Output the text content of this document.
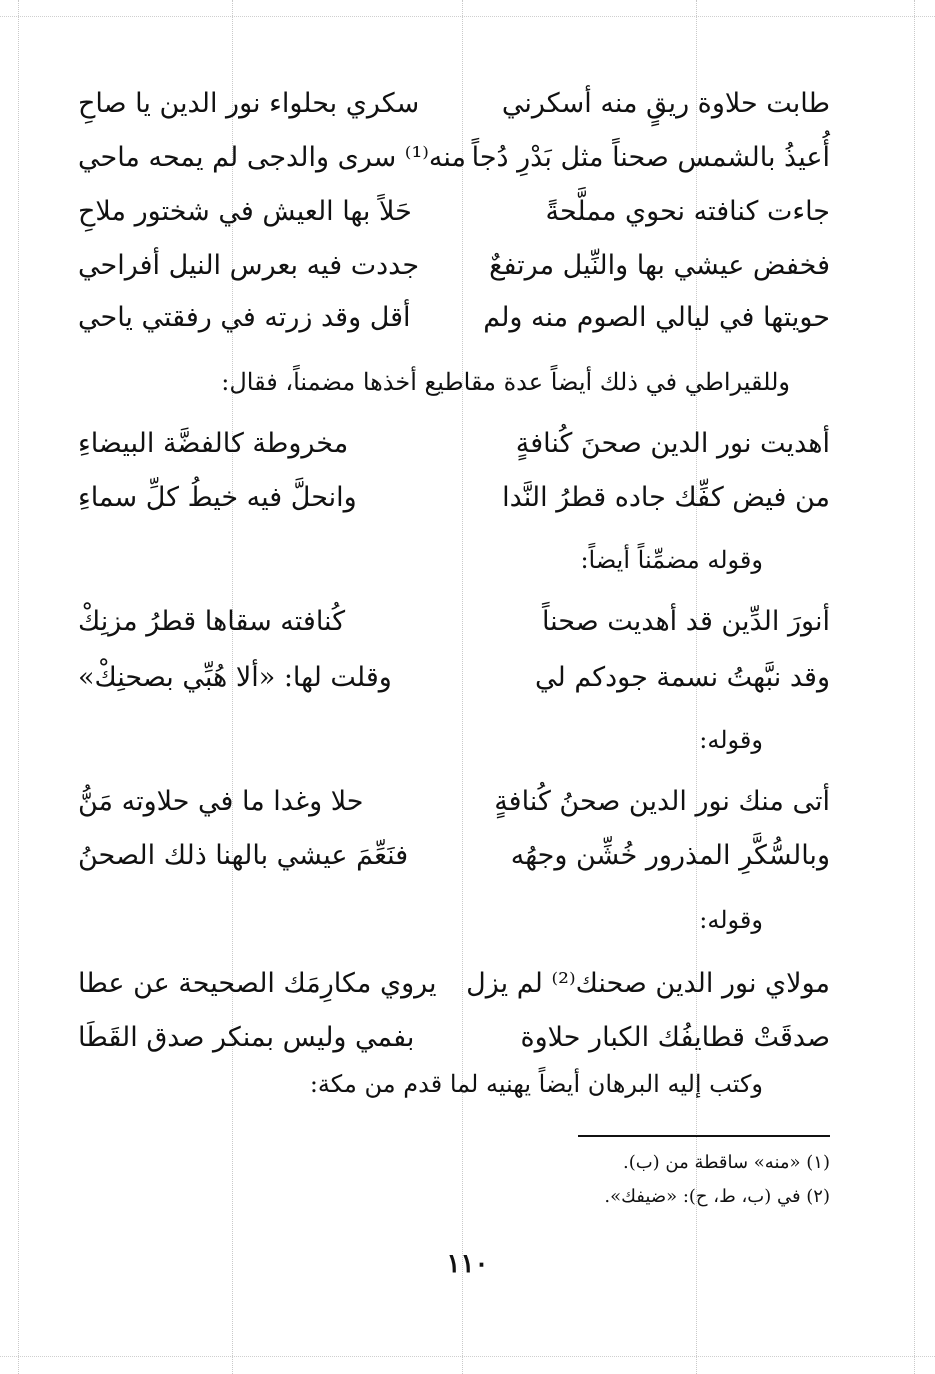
طابت حلاوة ريقٍ منه أسكرني
سكري بحلواء نور الدين يا صاحِ
أُعيذُ بالشمس صحناً مثل بَدْرِ دُجاً
منه⁽¹⁾ سرى والدجى لم يمحه ماحي
جاءت كنافته نحوي مملَّحةً
حَلاً بها العيش في شختور ملاحِ
فخفض عيشي بها والنِّيل مرتفعٌ
جددت فيه بعرس النيل أفراحي
حويتها في ليالي الصوم منه ولم
أقل وقد زرته في رفقتي ياحي
وللقيراطي في ذلك أيضاً عدة مقاطيع أخذها مضمناً، فقال:
أهديت نور الدين صحنَ كُنافةٍ
مخروطة كالفضَّة البيضاءِ
من فيض كفِّك جاده قطرُ النَّدا
وانحلَّ فيه خيطُ كلِّ سماءِ
وقوله مضمِّناً أيضاً:
أنورَ الدِّين قد أهديت صحناً
كُنافته سقاها قطرُ مزنِكْ
وقد نبَّهتُ نسمة جودكم لي
وقلت لها: «ألا هُبِّي بصحنِكْ»
وقوله:
أتى منك نور الدين صحنُ كُنافةٍ
حلا وغدا ما في حلاوته مَنُّ
وبالسُّكَّرِ المذرور خُشِّن وجهُه
فنَعِّمَ عيشي بالهنا ذلك الصحنُ
وقوله:
مولاي نور الدين صحنك⁽²⁾ لم يزل
يروي مكارِمَك الصحيحة عن عطا
صدقَتْ قطايفُك الكبار حلاوة
بفمي وليس بمنكر صدق القَطَا
وكتب إليه البرهان أيضاً يهنيه لما قدم من مكة:
(١) «منه» ساقطة من (ب).
(٢) في (ب، ط، ح): «ضيفك».
١١٠
